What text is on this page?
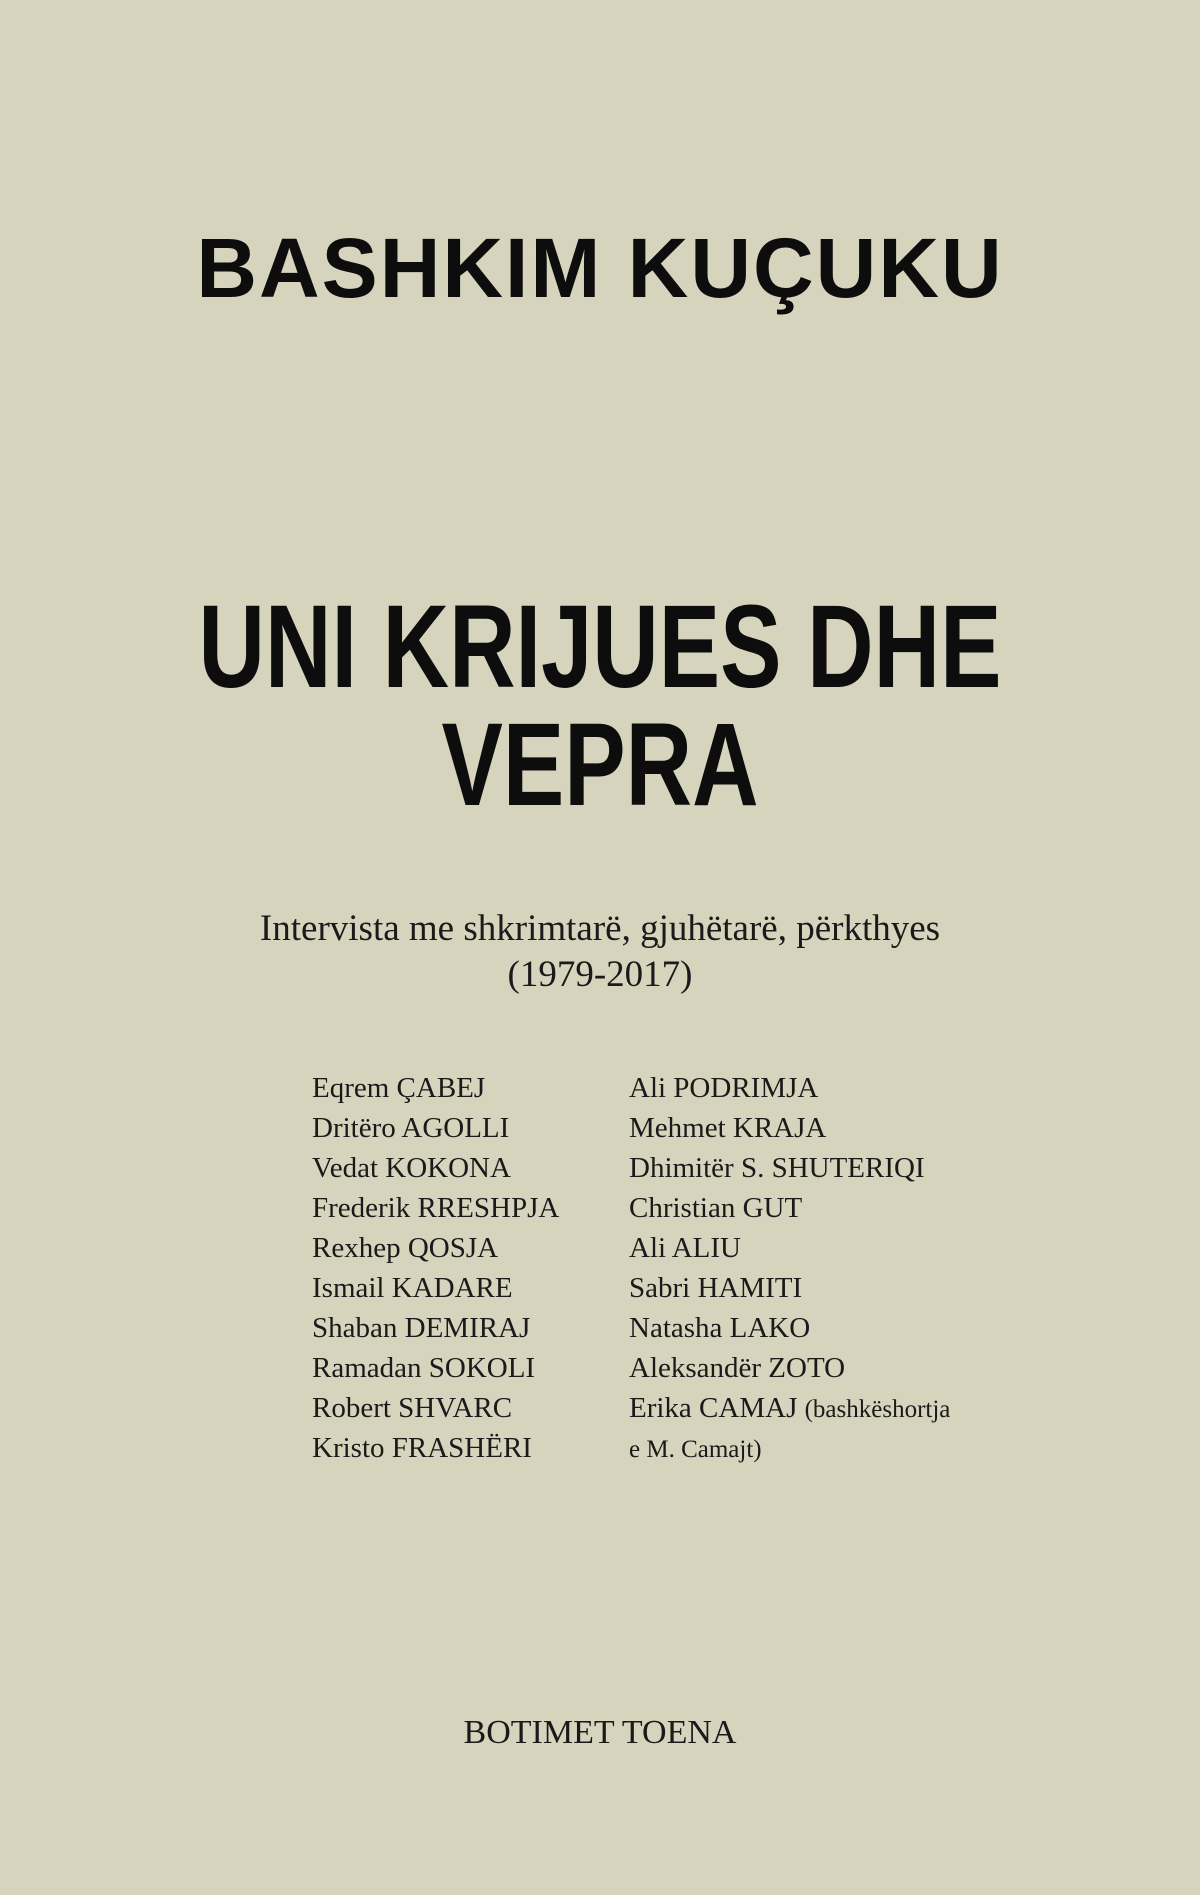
BASHKIM KUÇUKU
UNI KRIJUES DHE VEPRA
Intervista me shkrimtarë, gjuhëtarë, përkthyes
(1979-2017)
Eqrem ÇABEJ
Dritëro AGOLLI
Vedat KOKONA
Frederik RRESHPJA
Rexhep QOSJA
Ismail KADARE
Shaban DEMIRAJ
Ramadan SOKOLI
Robert SHVARC
Kristo FRASHËRI
Ali PODRIMJA
Mehmet KRAJA
Dhimitër S. SHUTERIQI
Christian GUT
Ali ALIU
Sabri HAMITI
Natasha LAKO
Aleksandër ZOTO
Erika CAMAJ (bashkëshortja
e M. Camajt)
BOTIMET TOENA
